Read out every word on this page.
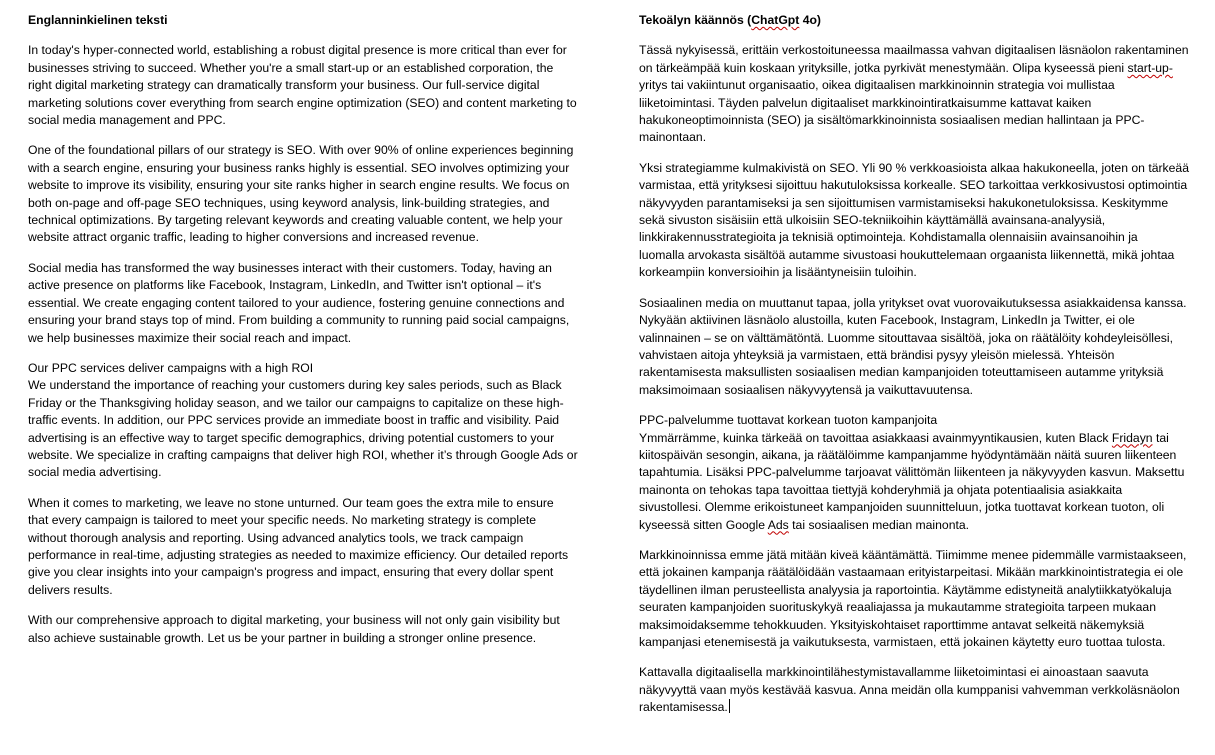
Englanninkielinen teksti
In today's hyper-connected world, establishing a robust digital presence is more critical than ever for
businesses striving to succeed. Whether you're a small start-up or an established corporation, the
right digital marketing strategy can dramatically transform your business. Our full-service digital
marketing solutions cover everything from search engine optimization (SEO) and content marketing to
social media management and PPC.
One of the foundational pillars of our strategy is SEO. With over 90% of online experiences beginning
with a search engine, ensuring your business ranks highly is essential. SEO involves optimizing your
website to improve its visibility, ensuring your site ranks higher in search engine results. We focus on
both on-page and off-page SEO techniques, using keyword analysis, link-building strategies, and
technical optimizations. By targeting relevant keywords and creating valuable content, we help your
website attract organic traffic, leading to higher conversions and increased revenue.
Social media has transformed the way businesses interact with their customers. Today, having an
active presence on platforms like Facebook, Instagram, LinkedIn, and Twitter isn't optional – it's
essential. We create engaging content tailored to your audience, fostering genuine connections and
ensuring your brand stays top of mind. From building a community to running paid social campaigns,
we help businesses maximize their social reach and impact.
Our PPC services deliver campaigns with a high ROI
We understand the importance of reaching your customers during key sales periods, such as Black
Friday or the Thanksgiving holiday season, and we tailor our campaigns to capitalize on these high-
traffic events. In addition, our PPC services provide an immediate boost in traffic and visibility. Paid
advertising is an effective way to target specific demographics, driving potential customers to your
website. We specialize in crafting campaigns that deliver high ROI, whether it’s through Google Ads or
social media advertising.
When it comes to marketing, we leave no stone unturned. Our team goes the extra mile to ensure
that every campaign is tailored to meet your specific needs. No marketing strategy is complete
without thorough analysis and reporting. Using advanced analytics tools, we track campaign
performance in real-time, adjusting strategies as needed to maximize efficiency. Our detailed reports
give you clear insights into your campaign's progress and impact, ensuring that every dollar spent
delivers results.
With our comprehensive approach to digital marketing, your business will not only gain visibility but
also achieve sustainable growth. Let us be your partner in building a stronger online presence.
Tekoälyn käännös (ChatGpt 4o)
Tässä nykyisessä, erittäin verkostoituneessa maailmassa vahvan digitaalisen läsnäolon rakentaminen
on tärkeämpää kuin koskaan yrityksille, jotka pyrkivät menestymään. Olipa kyseessä pieni start-up-
yritys tai vakiintunut organisaatio, oikea digitaalisen markkinoinnin strategia voi mullistaa
liiketoimintasi. Täyden palvelun digitaaliset markkinointiratkaisumme kattavat kaiken
hakukoneoptimoinnista (SEO) ja sisältömarkkinoinnista sosiaalisen median hallintaan ja PPC-
mainontaan.
Yksi strategiamme kulmakivistä on SEO. Yli 90 % verkkoasioista alkaa hakukoneella, joten on tärkeää
varmistaa, että yrityksesi sijoittuu hakutuloksissa korkealle. SEO tarkoittaa verkkosivustosi optimointia
näkyvyyden parantamiseksi ja sen sijoittumisen varmistamiseksi hakukonetuloksissa. Keskitymme
sekä sivuston sisäisiin että ulkoisiin SEO-tekniikoihin käyttämällä avainsana-analyysiä,
linkkirakennusstrategioita ja teknisiä optimointeja. Kohdistamalla olennaisiin avainsanoihin ja
luomalla arvokasta sisältöä autamme sivustoasi houkuttelemaan orgaanista liikennettä, mikä johtaa
korkeampiin konversioihin ja lisääntyneisiin tuloihin.
Sosiaalinen media on muuttanut tapaa, jolla yritykset ovat vuorovaikutuksessa asiakkaidensa kanssa.
Nykyään aktiivinen läsnäolo alustoilla, kuten Facebook, Instagram, LinkedIn ja Twitter, ei ole
valinnainen – se on välttämätöntä. Luomme sitouttavaa sisältöä, joka on räätälöity kohdeyleisöllesi,
vahvistaen aitoja yhteyksiä ja varmistaen, että brändisi pysyy yleisön mielessä. Yhteisön
rakentamisesta maksullisten sosiaalisen median kampanjoiden toteuttamiseen autamme yrityksiä
maksimoimaan sosiaalisen näkyvyytensä ja vaikuttavuutensa.
PPC-palvelumme tuottavat korkean tuoton kampanjoita
Ymmärrämme, kuinka tärkeää on tavoittaa asiakkaasi avainmyyntikausien, kuten Black Fridayn tai
kiitospäivän sesongin, aikana, ja räätälöimme kampanjamme hyödyntämään näitä suuren liikenteen
tapahtumia. Lisäksi PPC-palvelumme tarjoavat välittömän liikenteen ja näkyvyyden kasvun. Maksettu
mainonta on tehokas tapa tavoittaa tiettyjä kohderyhmiä ja ohjata potentiaalisia asiakkaita
sivustollesi. Olemme erikoistuneet kampanjoiden suunnitteluun, jotka tuottavat korkean tuoton, oli
kyseessä sitten Google Ads tai sosiaalisen median mainonta.
Markkinoinnissa emme jätä mitään kiveä kääntämättä. Tiimimme menee pidemmälle varmistaakseen,
että jokainen kampanja räätälöidään vastaamaan erityistarpeitasi. Mikään markkinointistrategia ei ole
täydellinen ilman perusteellista analyysia ja raportointia. Käytämme edistyneitä analytiikkatyökaluja
seuraten kampanjoiden suorituskykyä reaaliajassa ja mukautamme strategioita tarpeen mukaan
maksimoidaksemme tehokkuuden. Yksityiskohtaiset raporttimme antavat selkeitä näkemyksiä
kampanjasi etenemisestä ja vaikutuksesta, varmistaen, että jokainen käytetty euro tuottaa tulosta.
Kattavalla digitaalisella markkinointilähestymistavallamme liiketoimintasi ei ainoastaan saavuta
näkyvyyttä vaan myös kestävää kasvua. Anna meidän olla kumppanisi vahvemman verkkoläsnäolon
rakentamisessa.
